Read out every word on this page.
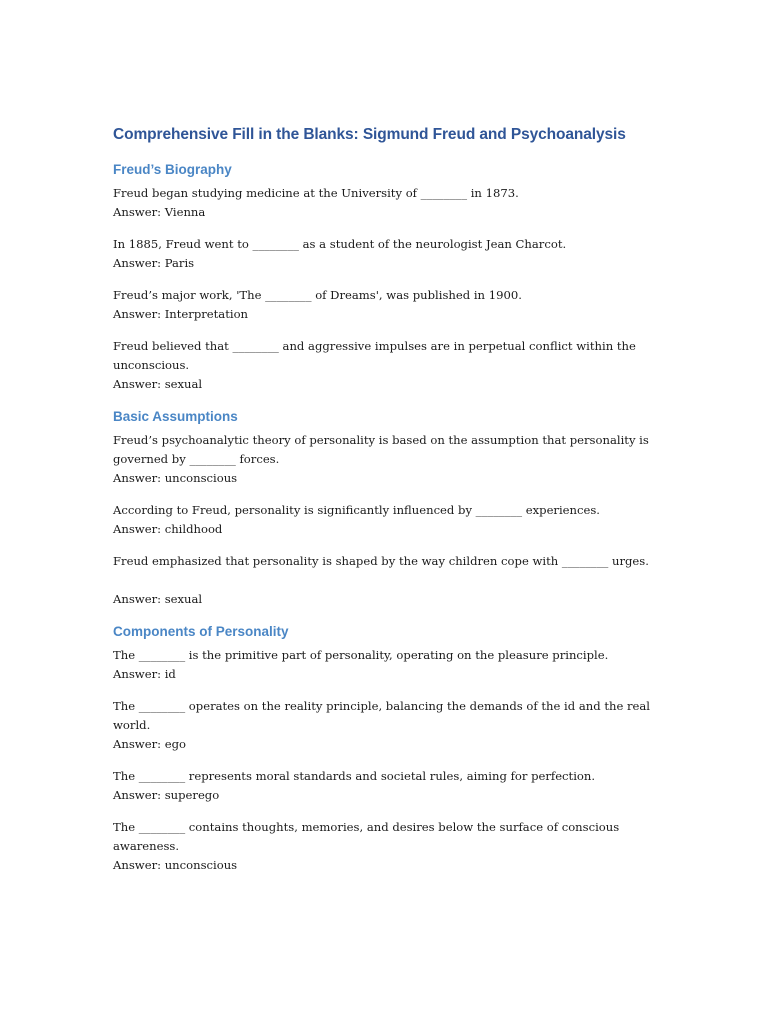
Comprehensive Fill in the Blanks: Sigmund Freud and Psychoanalysis
Freud’s Biography

Freud began studying medicine at the University of ________ in 1873.

Answer: Vienna

In 1885, Freud went to ________ as a student of the neurologist Jean Charcot.

Answer: Paris

Freud’s major work, 'The ________ of Dreams', was published in 1900.

Answer: Interpretation

Freud believed that ________ and aggressive impulses are in perpetual conflict within the unconscious.

Answer: sexual

Basic Assumptions

Freud’s psychoanalytic theory of personality is based on the assumption that personality is governed by ________ forces.

Answer: unconscious

According to Freud, personality is significantly influenced by ________ experiences.

Answer: childhood

Freud emphasized that personality is shaped by the way children cope with ________ urges.

Answer: sexual

Components of Personality

The ________ is the primitive part of personality, operating on the pleasure principle.

Answer: id

The ________ operates on the reality principle, balancing the demands of the id and the real world.

Answer: ego

The ________ represents moral standards and societal rules, aiming for perfection.

Answer: superego

The ________ contains thoughts, memories, and desires below the surface of conscious awareness.

Answer: unconscious
